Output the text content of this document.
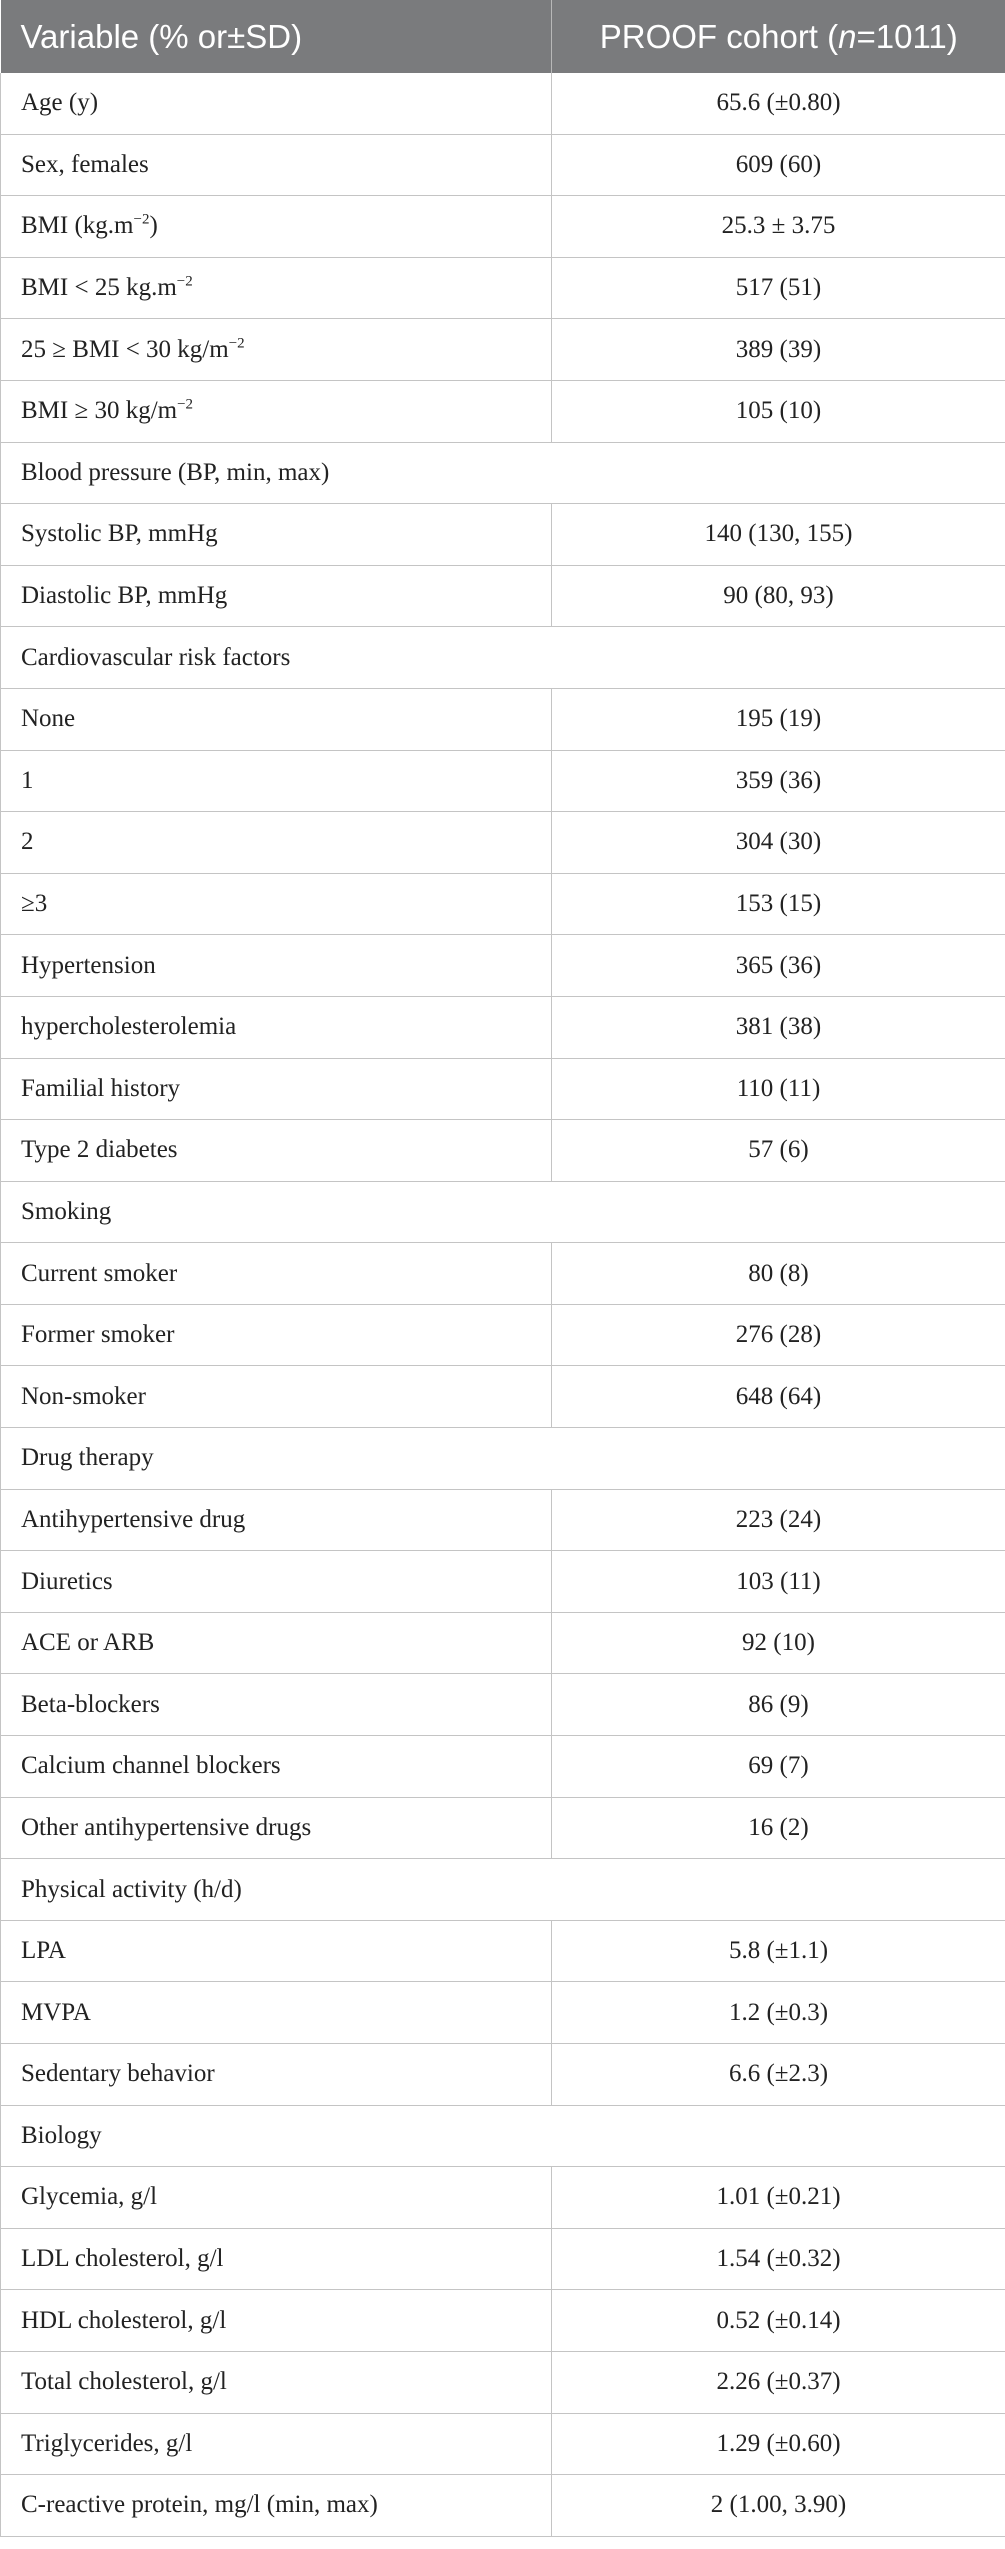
Variable (% or±SD)	PROOF cohort (n=1011)
Age (y)	65.6 (±0.80)
Sex, females	609 (60)
BMI $(kg.m^{-2})$	25.3 ± 3.75
BMI < 25 $kg.m^{-2}$	517 (51)
25 ≥ BMI < 30 $kg/m^{-2}$	389 (39)
BMI ≥ 30 $kg/m^{-2}$	105 (10)
Blood pressure (BP, min, max)	
Systolic BP, mmHg	140 (130, 155)
Diastolic BP, mmHg	90 (80, 93)
Cardiovascular risk factors	
None	195 (19)
1	359 (36)
2	304 (30)
≥3	153 (15)
Hypertension	365 (36)
hypercholesterolemia	381 (38)
Familial history	110 (11)
Type 2 diabetes	57 (6)
Smoking	
Current smoker	80 (8)
Former smoker	276 (28)
Non-smoker	648 (64)
Drug therapy	
Antihypertensive drug	223 (24)
Diuretics	103 (11)
ACE or ARB	92 (10)
Beta-blockers	86 (9)
Calcium channel blockers	69 (7)
Other antihypertensive drugs	16 (2)
Physical activity (h/d)	
LPA	5.8 (±1.1)
MVPA	1.2 (±0.3)
Sedentary behavior	6.6 (±2.3)
Biology	
Glycemia, g/l	1.01 (±0.21)
LDL cholesterol, g/l	1.54 (±0.32)
HDL cholesterol, g/l	0.52 (±0.14)
Total cholesterol, g/l	2.26 (±0.37)
Triglycerides, g/l	1.29 (±0.60)
C-reactive protein, mg/l (min, max)	2 (1.00, 3.90)
